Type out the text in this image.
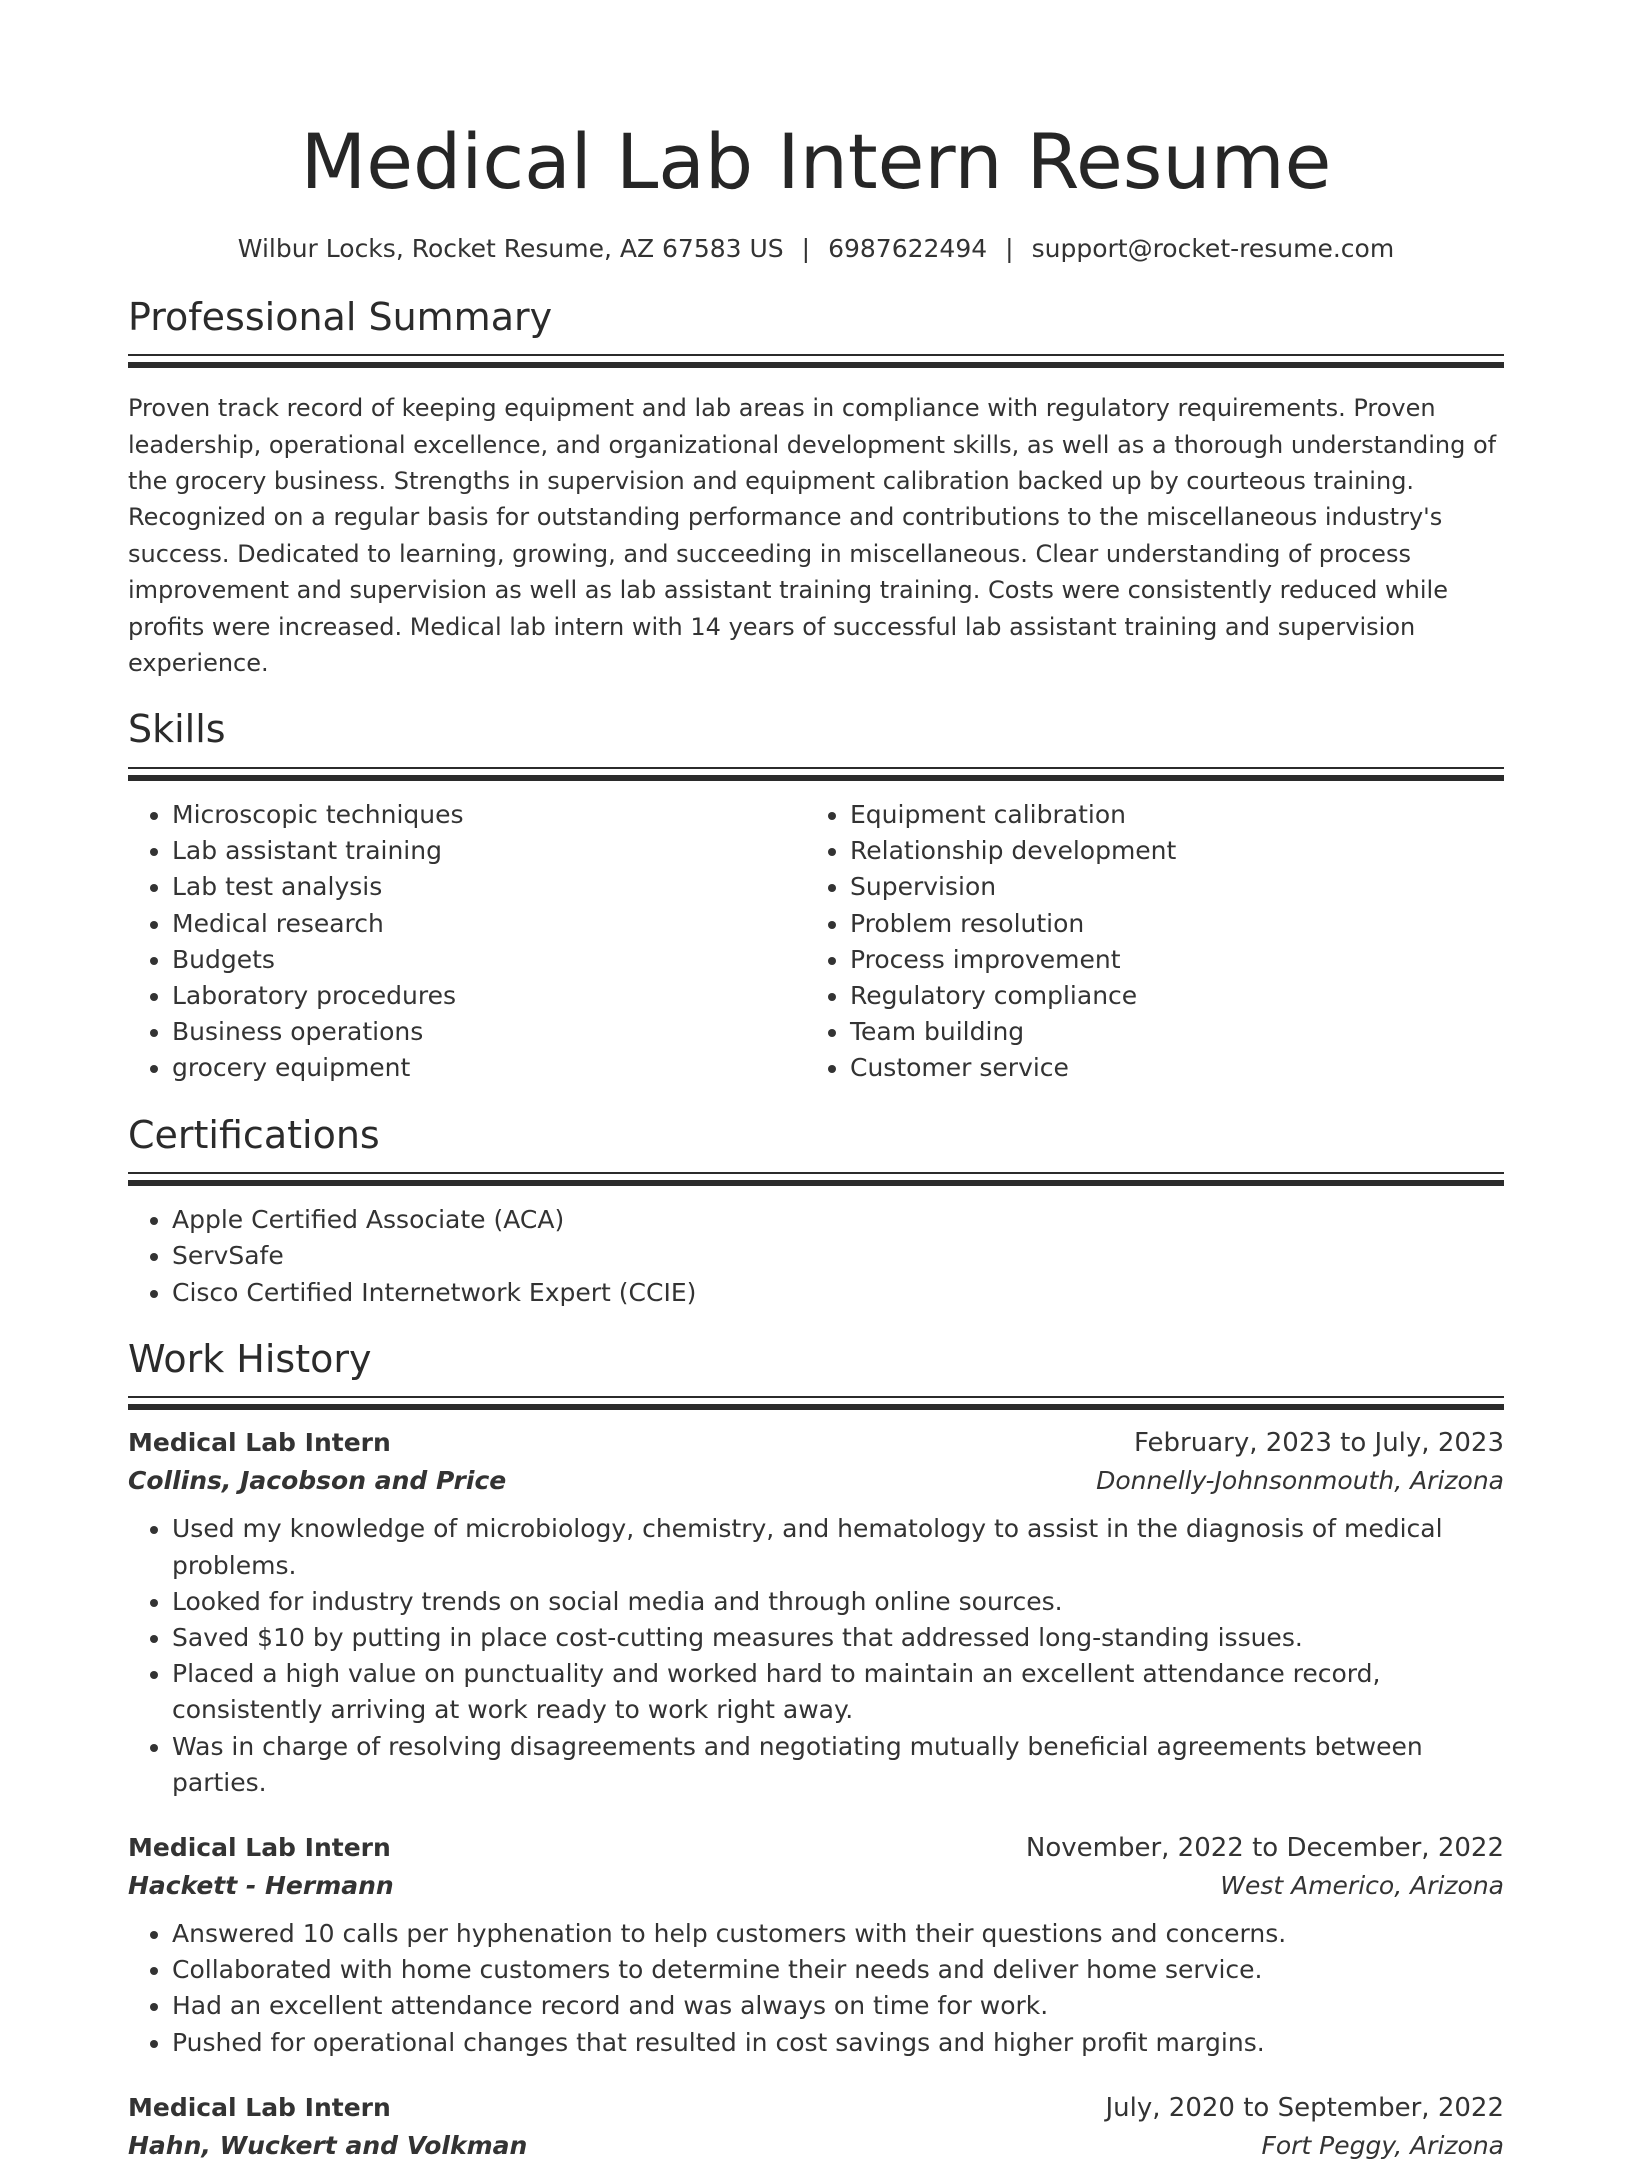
Medical Lab Intern Resume
Wilbur Locks, Rocket Resume, AZ 67583 US | 6987622494 | support@rocket-resume.com
Professional Summary

Proven track record of keeping equipment and lab areas in compliance with regulatory requirements. Proven leadership, operational excellence, and organizational development skills, as well as a thorough understanding of the grocery business. Strengths in supervision and equipment calibration backed up by courteous training. Recognized on a regular basis for outstanding performance and contributions to the miscellaneous industry's success. Dedicated to learning, growing, and succeeding in miscellaneous. Clear understanding of process improvement and supervision as well as lab assistant training training. Costs were consistently reduced while profits were increased. Medical lab intern with 14 years of successful lab assistant training and supervision experience.

Skills
• Microscopic techniques
• Lab assistant training
• Lab test analysis
• Medical research
• Budgets
• Laboratory procedures
• Business operations
• grocery equipment
• Equipment calibration
• Relationship development
• Supervision
• Problem resolution
• Process improvement
• Regulatory compliance
• Team building
• Customer service
Certifications
• Apple Certified Associate (ACA)
• ServSafe
• Cisco Certified Internetwork Expert (CCIE)
Work History
Medical Lab Intern	February, 2023 to July, 2023
Collins, Jacobson and Price	Donnelly-Johnsonmouth, Arizona
• Used my knowledge of microbiology, chemistry, and hematology to assist in the diagnosis of medical problems.
• Looked for industry trends on social media and through online sources.
• Saved $10 by putting in place cost-cutting measures that addressed long-standing issues.
• Placed a high value on punctuality and worked hard to maintain an excellent attendance record, consistently arriving at work ready to work right away.
• Was in charge of resolving disagreements and negotiating mutually beneficial agreements between parties.
Medical Lab Intern	November, 2022 to December, 2022
Hackett - Hermann	West Americo, Arizona
• Answered 10 calls per hyphenation to help customers with their questions and concerns.
• Collaborated with home customers to determine their needs and deliver home service.
• Had an excellent attendance record and was always on time for work.
• Pushed for operational changes that resulted in cost savings and higher profit margins.
Medical Lab Intern	July, 2020 to September, 2022
Hahn, Wuckert and Volkman	Fort Peggy, Arizona
